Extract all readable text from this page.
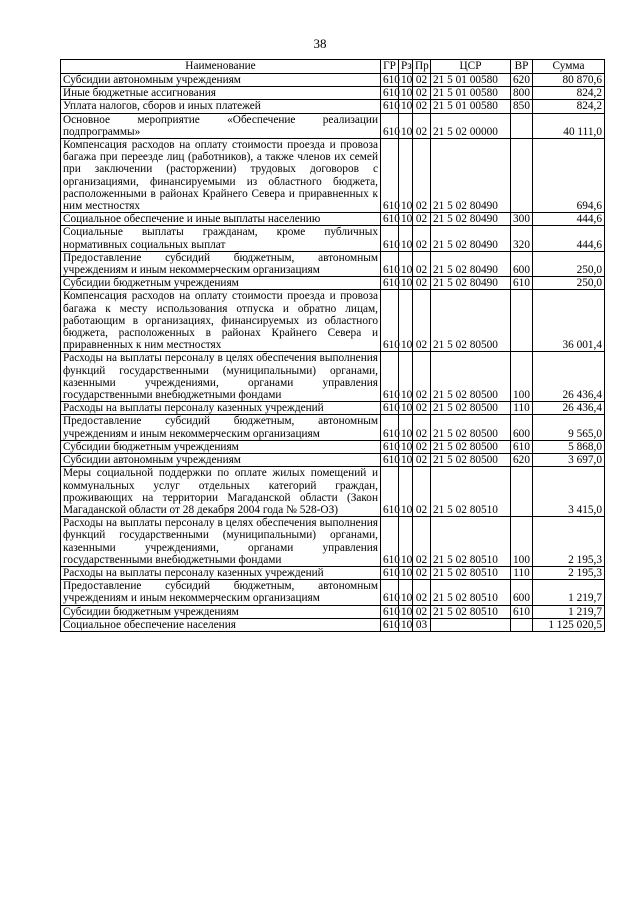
38
Наименование	ГР	Рз	Пр	ЦСР	ВР	Сумма
Субсидии автономным учреждениям	610	10	02	21 5 01 00580	620	80 870,6
Иные бюджетные ассигнования	610	10	02	21 5 01 00580	800	824,2
Уплата налогов, сборов и иных платежей	610	10	02	21 5 01 00580	850	824,2
Основное мероприятие «Обеспечение реализации подпрограммы»	610	10	02	21 5 02 00000		40 111,0
Компенсация расходов на оплату стоимости проезда и провоза багажа при переезде лиц (работников), а также членов их семей при заключении (расторжении) трудовых договоров с организациями, финансируемыми из областного бюджета, расположенными в районах Крайнего Севера и приравненных к ним местностях	610	10	02	21 5 02 80490		694,6
Социальное обеспечение и иные выплаты населению	610	10	02	21 5 02 80490	300	444,6
Социальные выплаты гражданам, кроме публичных нормативных социальных выплат	610	10	02	21 5 02 80490	320	444,6
Предоставление субсидий бюджетным, автономным учреждениям и иным некоммерческим организациям	610	10	02	21 5 02 80490	600	250,0
Субсидии бюджетным учреждениям	610	10	02	21 5 02 80490	610	250,0
Компенсация расходов на оплату стоимости проезда и провоза багажа к месту использования отпуска и обратно лицам, работающим в организациях, финансируемых из областного бюджета, расположенных в районах Крайнего Севера и приравненных к ним местностях	610	10	02	21 5 02 80500		36 001,4
Расходы на выплаты персоналу в целях обеспечения выполнения функций государственными (муниципальными) органами, казенными учреждениями, органами управления государственными внебюджетными фондами	610	10	02	21 5 02 80500	100	26 436,4
Расходы на выплаты персоналу казенных учреждений	610	10	02	21 5 02 80500	110	26 436,4
Предоставление субсидий бюджетным, автономным учреждениям и иным некоммерческим организациям	610	10	02	21 5 02 80500	600	9 565,0
Субсидии бюджетным учреждениям	610	10	02	21 5 02 80500	610	5 868,0
Субсидии автономным учреждениям	610	10	02	21 5 02 80500	620	3 697,0
Меры социальной поддержки по оплате жилых помещений и коммунальных услуг отдельных категорий граждан, проживающих на территории Магаданской области (Закон Магаданской области от 28 декабря 2004 года № 528-ОЗ)	610	10	02	21 5 02 80510		3 415,0
Расходы на выплаты персоналу в целях обеспечения выполнения функций государственными (муниципальными) органами, казенными учреждениями, органами управления государственными внебюджетными фондами	610	10	02	21 5 02 80510	100	2 195,3
Расходы на выплаты персоналу казенных учреждений	610	10	02	21 5 02 80510	110	2 195,3
Предоставление субсидий бюджетным, автономным учреждениям и иным некоммерческим организациям	610	10	02	21 5 02 80510	600	1 219,7
Субсидии бюджетным учреждениям	610	10	02	21 5 02 80510	610	1 219,7
Социальное обеспечение населения	610	10	03			1 125 020,5
